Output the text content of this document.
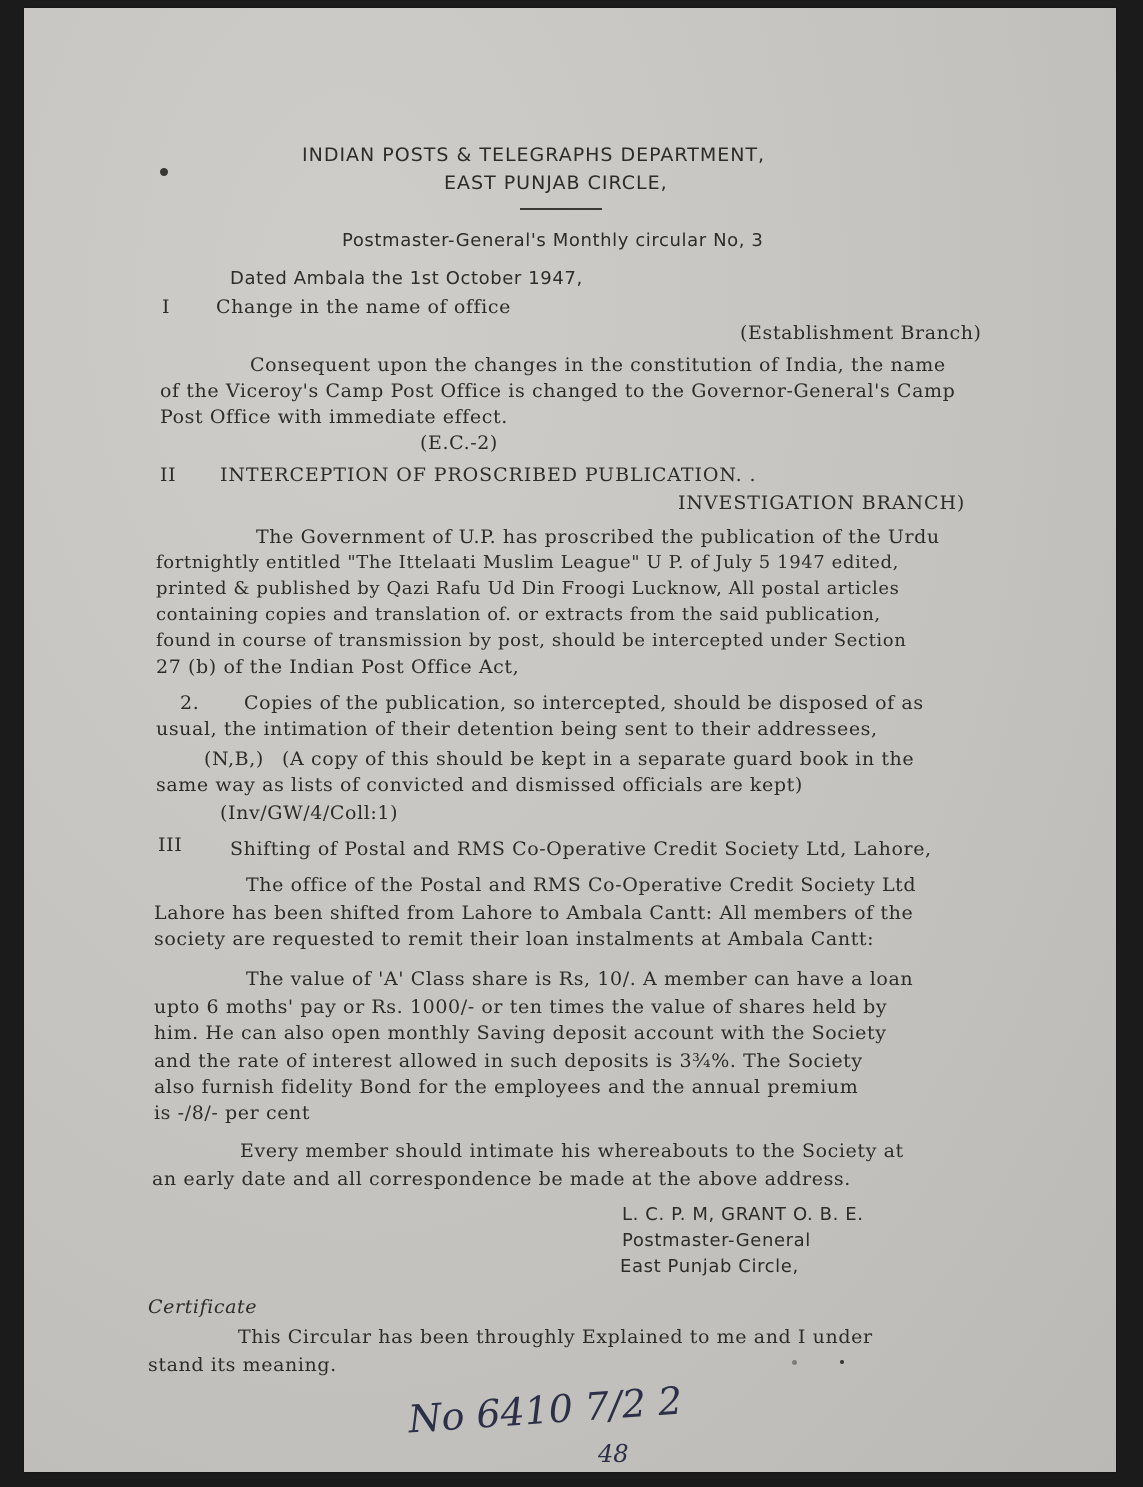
INDIAN POSTS & TELEGRAPHS DEPARTMENT,
EAST PUNJAB CIRCLE,
Postmaster-General's Monthly circular No, 3
Dated Ambala the 1st October 1947,
I Change in the name of office
(Establishment Branch)
Consequent upon the changes in the constitution of India, the name
of the Viceroy's Camp Post Office is changed to the Governor-General's Camp
Post Office with immediate effect.
(E.C.-2)
II INTERCEPTION OF PROSCRIBED PUBLICATION. .
INVESTIGATION BRANCH)
The Government of U.P. has proscribed the publication of the Urdu
fortnightly entitled "The Ittelaati Muslim League" U P. of July 5 1947 edited,
printed & published by Qazi Rafu Ud Din Froogi Lucknow, All postal articles
containing copies and translation of. or extracts from the said publication,
found in course of transmission by post, should be intercepted under Section
27 (b) of the Indian Post Office Act,
2. Copies of the publication, so intercepted, should be disposed of as
usual, the intimation of their detention being sent to their addressees,
(N,B,) (A copy of this should be kept in a separate guard book in the
same way as lists of convicted and dismissed officials are kept)
(Inv/GW/4/Coll:1)
III	Shifting of Postal and RMS Co-Operative Credit Society Ltd, Lahore,
The office of the Postal and RMS Co-Operative Credit Society Ltd
Lahore has been shifted from Lahore to Ambala Cantt: All members of the
society are requested to remit their loan instalments at Ambala Cantt:
The value of 'A' Class share is Rs, 10/. A member can have a loan
upto 6 moths' pay or Rs. 1000/- or ten times the value of shares held by
him. He can also open monthly Saving deposit account with the Society
and the rate of interest allowed in such deposits is 3¾%. The Society
also furnish fidelity Bond for the employees and the annual premium
is -/8/- per cent
Every member should intimate his whereabouts to the Society at
an early date and all correspondence be made at the above address.
L. C. P. M, GRANT O. B. E.
Postmaster-General
East Punjab Circle,
Certificate
This Circular has been throughly Explained to me and I under
stand its meaning.
No 6410 7/2 2
48
